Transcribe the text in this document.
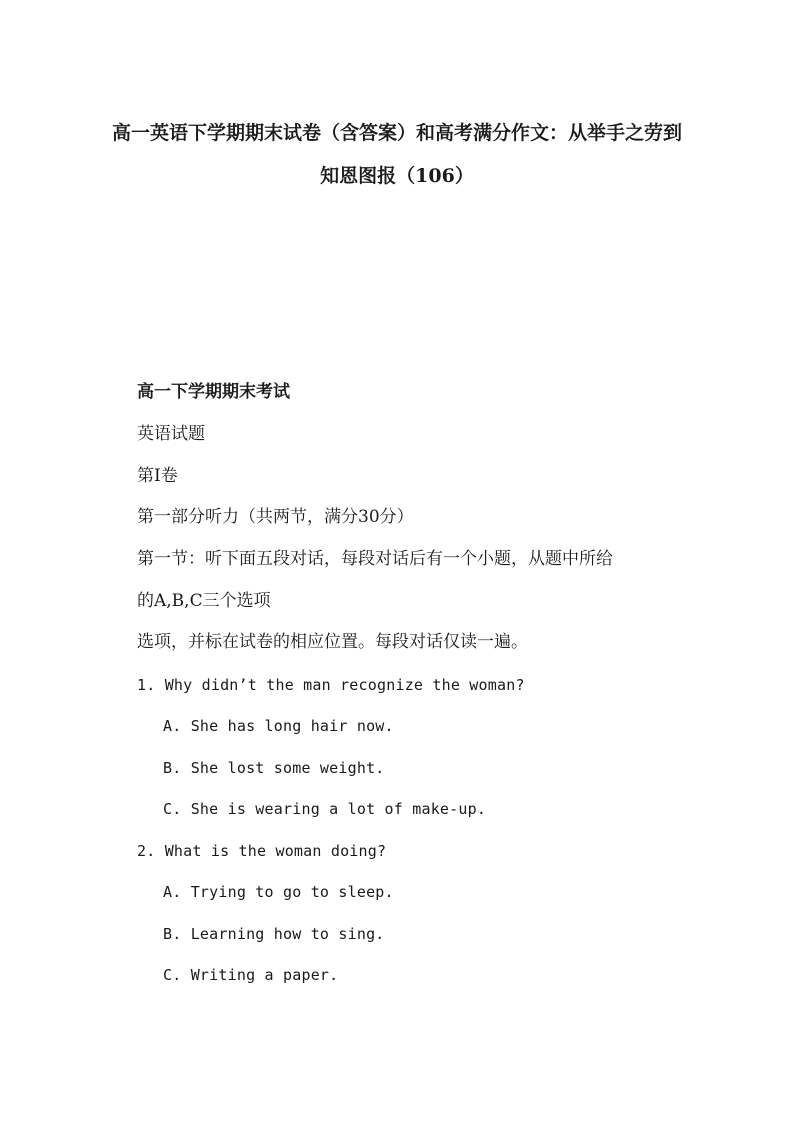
高一英语下学期期末试卷（含答案）和高考满分作文：从举手之劳到
知恩图报（106）
高一下学期期末考试
英语试题
第Ⅰ卷
第一部分听力（共两节，满分30分）
第一节：听下面五段对话，每段对话后有一个小题，从题中所给
的A,B,C三个选项
选项，并标在试卷的相应位置。每段对话仅读一遍。
1. Why didn’t the man recognize the woman?
A. She has long hair now.
B. She lost some weight.
C. She is wearing a lot of make-up.
2. What is the woman doing?
A. Trying to go to sleep.
B. Learning how to sing.
C. Writing a paper.
